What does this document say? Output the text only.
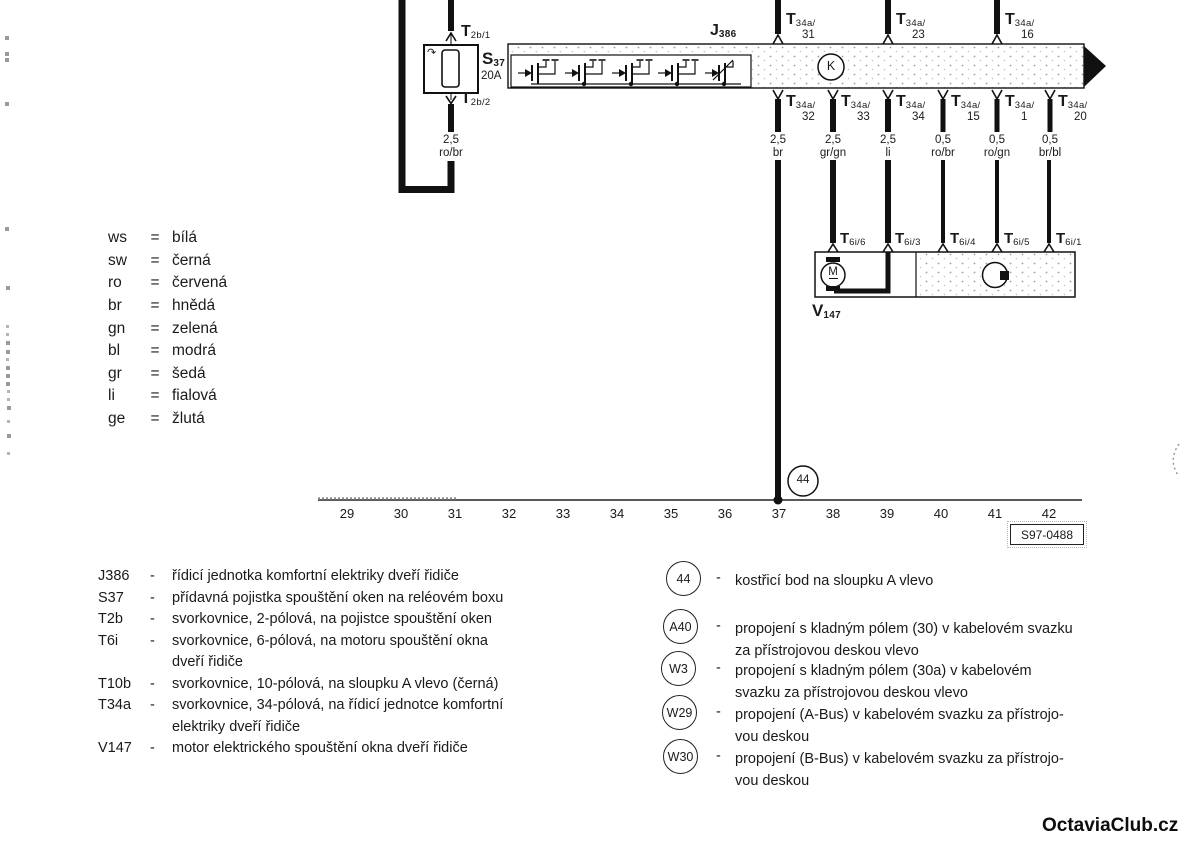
$T_{2b/1}$
↷	$S_{37}$
20A
$T_{2b/2}$
2,5
ro/br
$J_{386}$
K
$T_{34a/}$
31
$T_{34a/}$
23
$T_{34a/}$
16
$T_{34a/}$
32
$T_{34a/}$
33
$T_{34a/}$
34
$T_{34a/}$
15
$T_{34a/}$
1
$T_{34a/}$
20
2,5
br
2,5
gr/gn
2,5
li
0,5
ro/br
0,5
ro/gn
0,5
br/bl
$T_{6i/6}$ $T_{6i/3}$ $T_{6i/4}$ $T_{6i/5}$ $T_{6i/1}$
M
$V_{147}$
44
ws	= bílá
sw	= černá
ro	= červená
br	= hnědá
gn	= zelená
bl	= modrá
gr	= šedá
li	= fialová
ge	= žlutá
29	30	31	32	33	34	35	36	37	38	39	40	41	42
S97-0488
J386	-	řídicí jednotka komfortní elektriky dveří řidiče
S37	-	přídavná pojistka spouštění oken na reléovém boxu
T2b	-	svorkovnice, 2-pólová, na pojistce spouštění oken
T6i	-	svorkovnice, 6-pólová, na motoru spouštění okna
dveří řidiče
T10b	-	svorkovnice, 10-pólová, na sloupku A vlevo (černá)
T34a	-	svorkovnice, 34-pólová, na řídicí jednotce komfortní
elektriky dveří řidiče
V147	-	motor elektrického spouštění okna dveří řidiče
44	- kostřicí bod na sloupku A vlevo
A40	- propojení s kladným pólem (30) v kabelovém svazku
za přístrojovou deskou vlevo
W3	- propojení s kladným pólem (30a) v kabelovém
svazku za přístrojovou deskou vlevo
W29	- propojení (A-Bus) v kabelovém svazku za přístrojo-
vou deskou
W30	- propojení (B-Bus) v kabelovém svazku za přístrojo-
vou deskou
OctaviaClub.cz
